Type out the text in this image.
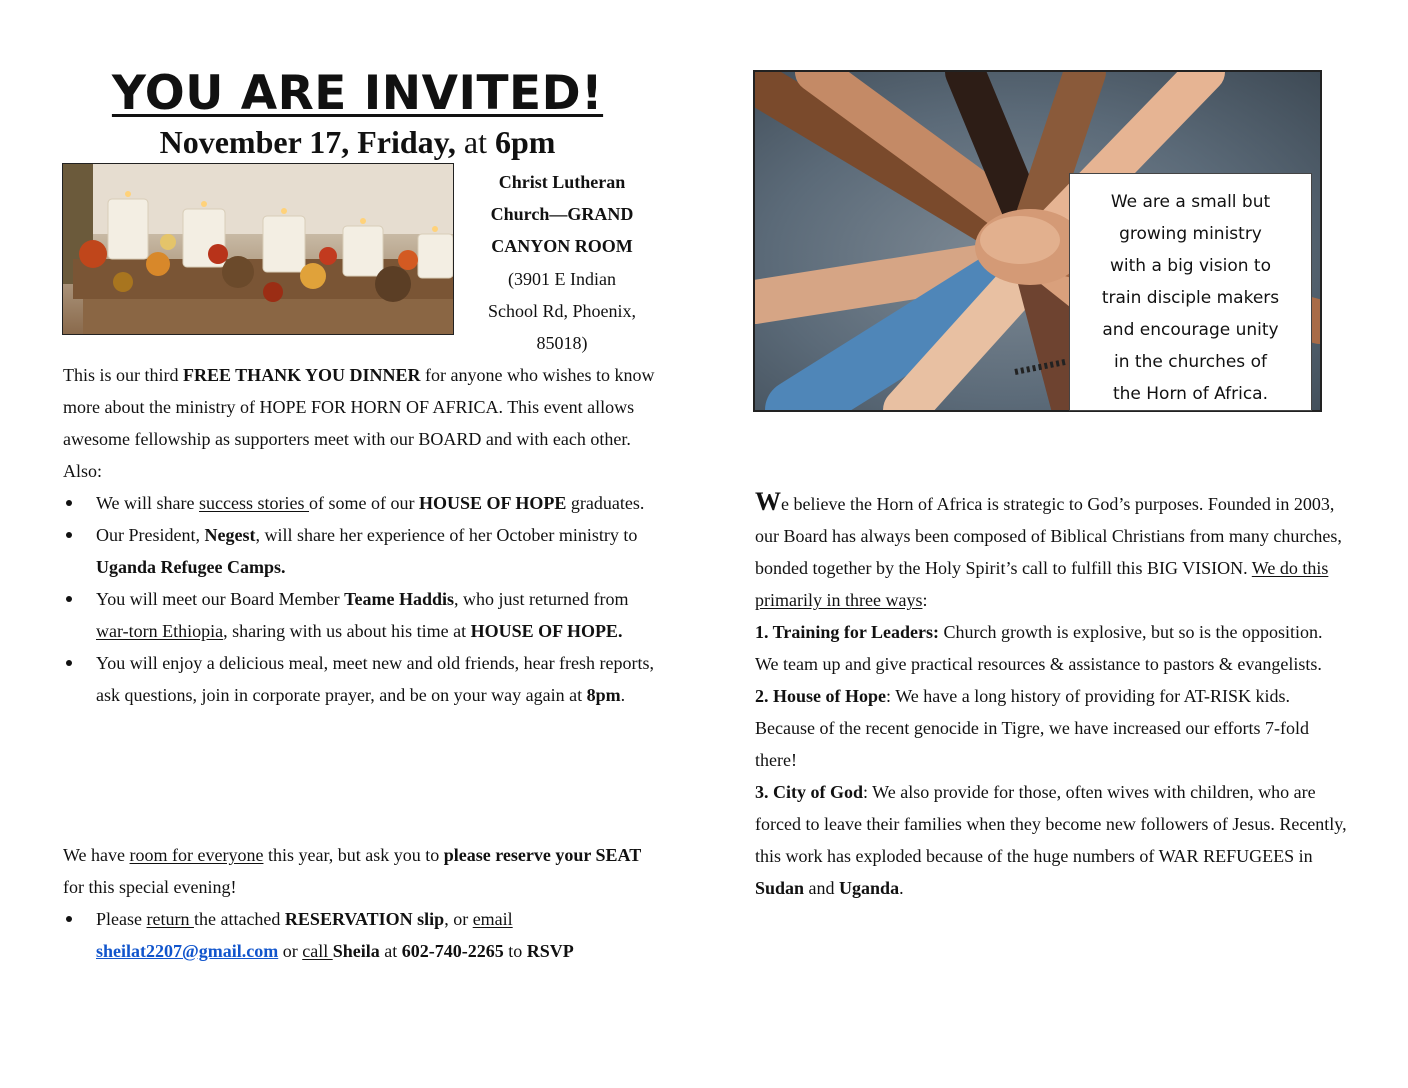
YOU ARE INVITED!
November 17, Friday, at 6pm
Christ Lutheran
Church—GRAND
CANYON ROOM
(3901 E Indian
School Rd, Phoenix,
85018)

This is our third FREE THANK YOU DINNER for anyone who wishes to know more about the ministry of HOPE FOR HORN OF AFRICA. This event allows awesome fellowship as supporters meet with our BOARD and with each other. Also:

We will share success stories of some of our HOUSE OF HOPE graduates.
Our President, Negest, will share her experience of her October ministry to Uganda Refugee Camps.
You will meet our Board Member Teame Haddis, who just returned from war-torn Ethiopia, sharing with us about his time at HOUSE OF HOPE.
You will enjoy a delicious meal, meet new and old friends, hear fresh reports, ask questions, join in corporate prayer, and be on your way again at 8pm.

We have room for everyone this year, but ask you to please reserve your SEAT for this special evening!

Please return the attached RESERVATION slip, or email sheilat2207@gmail.com or call Sheila at 602-740-2265 to RSVP
We are a small but
growing ministry
with a big vision to
train disciple makers
and encourage unity
in the churches of
the Horn of Africa.

We believe the Horn of Africa is strategic to God’s purposes. Founded in 2003, our Board has always been composed of Biblical Christians from many churches, bonded together by the Holy Spirit’s call to fulfill this BIG VISION. We do this primarily in three ways:

1. Training for Leaders: Church growth is explosive, but so is the opposition. We team up and give practical resources & assistance to pastors & evangelists.

2. House of Hope: We have a long history of providing for AT-RISK kids. Because of the recent genocide in Tigre, we have increased our efforts 7-fold there!

3. City of God: We also provide for those, often wives with children, who are forced to leave their families when they become new followers of Jesus. Recently, this work has exploded because of the huge numbers of WAR REFUGEES in Sudan and Uganda.
